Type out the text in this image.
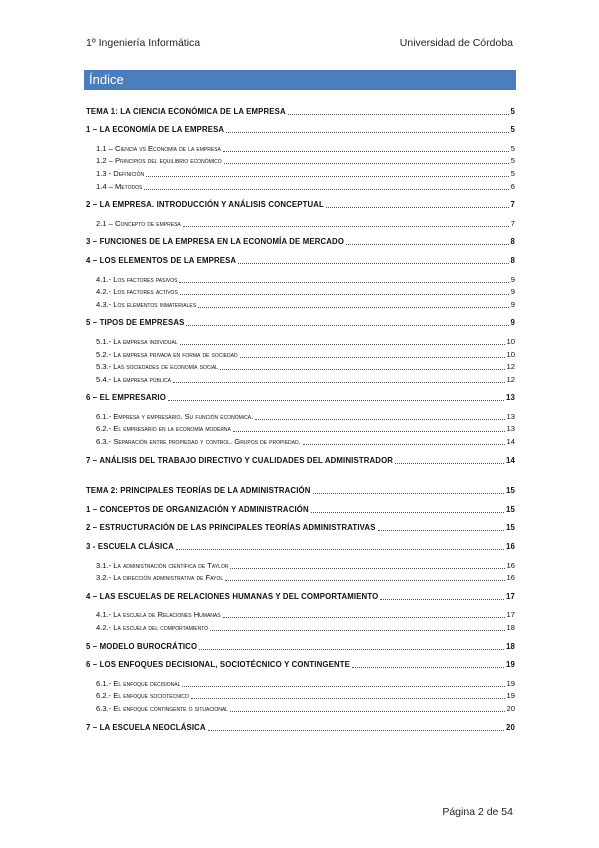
1º Ingeniería Informática	Universidad de Córdoba
Índice
TEMA 1: LA CIENCIA ECONÓMICA DE LA EMPRESA	5
1 – LA ECONOMÍA DE LA EMPRESA	5
1.1 – Ciencia vs Economía de la empresa	5
1.2 – Principios del equilibrio económico	5
1.3 - Definición	5
1.4 – Metodos	6
2 – LA EMPRESA. INTRODUCCIÓN Y ANÁLISIS CONCEPTUAL	7
2.1 – Concepto de empresa	7
3 – FUNCIONES DE LA EMPRESA EN LA ECONOMÍA DE MERCADO	8
4 – LOS ELEMENTOS DE LA EMPRESA	8
4.1.- Los factores pasivos	9
4.2.- Los factores activos	9
4.3.- Los elementos inmateriales	9
5 – TIPOS DE EMPRESAS	9
5.1.- La empresa individual	10
5.2.- La empresa privada en forma de sociedad	10
5.3.- Las sociedades de economía social	12
5.4.- La empresa pública	12
6 – EL EMPRESARIO	13
6.1.- Empresa y empresario. Su función económica.	13
6.2.- El empresario en la economía moderna	13
6.3.- Separación entre propiedad y control. Grupos de propiedad.	14
7 – ANÁLISIS DEL TRABAJO DIRECTIVO Y CUALIDADES DEL ADMINISTRADOR	14
TEMA 2: PRINCIPALES TEORÍAS DE LA ADMINISTRACIÓN	15
1 – CONCEPTOS DE ORGANIZACIÓN Y ADMINISTRACIÓN	15
2 – ESTRUCTURACIÓN DE LAS PRINCIPALES TEORÍAS ADMINISTRATIVAS	15
3 - ESCUELA CLÁSICA	16
3.1.- La administración científica de Taylor	16
3.2.- La dirección administrativa de Fayol	16
4 – LAS ESCUELAS DE RELACIONES HUMANAS Y DEL COMPORTAMIENTO	17
4.1.- La escuela de Relaciones Humanas	17
4.2.- La escuela del comportamiento	18
5 – MODELO BUROCRÁTICO	18
6 – LOS ENFOQUES DECISIONAL, SOCIOTÉCNICO Y CONTINGENTE	19
6.1.- El enfoque decisional	19
6.2.- El enfoque sociotécnico	19
6.3.- El enfoque contingente o situacional	20
7 – LA ESCUELA NEOCLÁSICA	20
Página 2 de 54
